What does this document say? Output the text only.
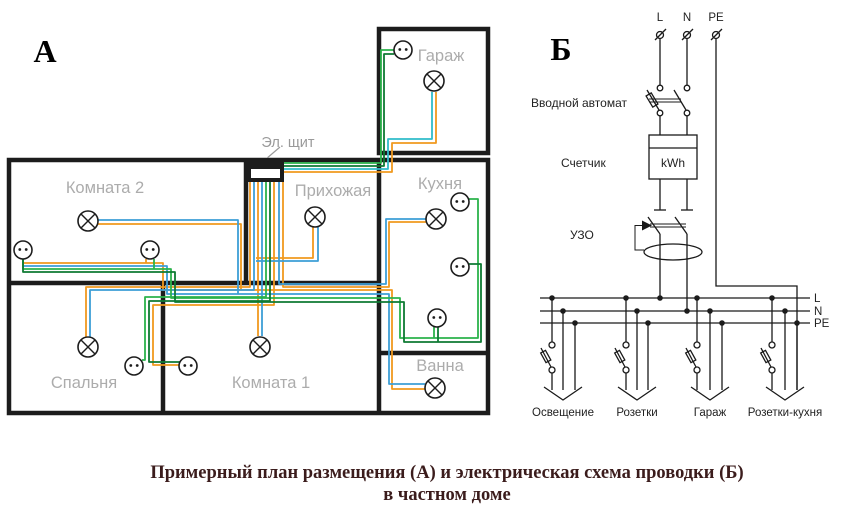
А
Эл. щит
Гараж
Комната 2	Прихожая	Кухня
Ванна
Спальня	Комната 1
Б
L N PE
Вводной автомат
kWh
Счетчик
УЗО
L
N
PE
Освещение Розетки	Гараж Розетки-кухня
Примерный план размещения (А) и электрическая схема проводки (Б)
в частном доме
